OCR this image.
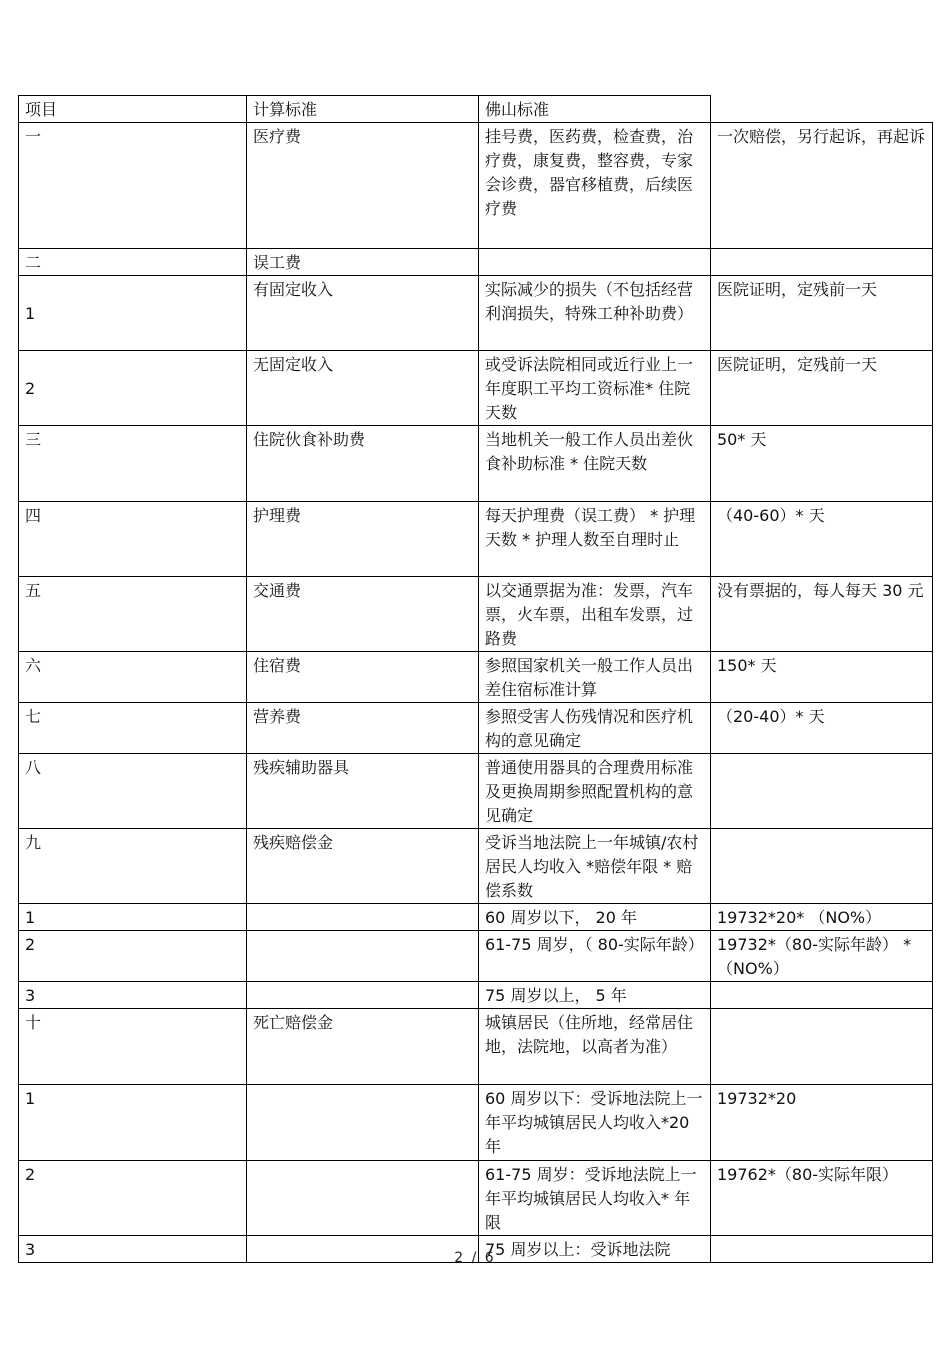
项目	计算标准	佛山标准	
一	医疗费	挂号费，医药费，检查费，治疗费，康复费，整容费，专家会诊费，器官移植费，后续医疗费	一次赔偿，另行起诉，再起诉
二	误工费		
1	有固定收入	实际减少的损失（不包括经营利润损失，特殊工种补助费）	医院证明，定残前一天
2	无固定收入	或受诉法院相同或近行业上一年度职工平均工资标准* 住院天数	医院证明，定残前一天
三	住院伙食补助费	当地机关一般工作人员出差伙食补助标准 * 住院天数	50* 天
四	护理费	每天护理费（误工费） * 护理天数 * 护理人数至自理时止	（40-60）* 天
五	交通费	以交通票据为准：发票，汽车票，火车票，出租车发票，过路费	没有票据的，每人每天 30 元
六	住宿费	参照国家机关一般工作人员出差住宿标准计算	150* 天
七	营养费	参照受害人伤残情况和医疗机构的意见确定	（20-40）* 天
八	残疾辅助器具	普通使用器具的合理费用标准及更换周期参照配置机构的意见确定	
九	残疾赔偿金	受诉当地法院上一年城镇/农村居民人均收入 *赔偿年限 * 赔偿系数	
1		60 周岁以下， 20 年	19732*20* （NO%）
2		61-75 周岁，（ 80-实际年龄）	19732*（80-实际年龄） *（NO%）
3		75 周岁以上， 5 年	
十	死亡赔偿金	城镇居民（住所地，经常居住地，法院地，以高者为准）	
1		60 周岁以下：受诉地法院上一年平均城镇居民人均收入*20 年	19732*20
2		61-75 周岁：受诉地法院上一年平均城镇居民人均收入* 年限	19762*（80-实际年限）
3		75 周岁以上：受诉地法院	
2 / 6
